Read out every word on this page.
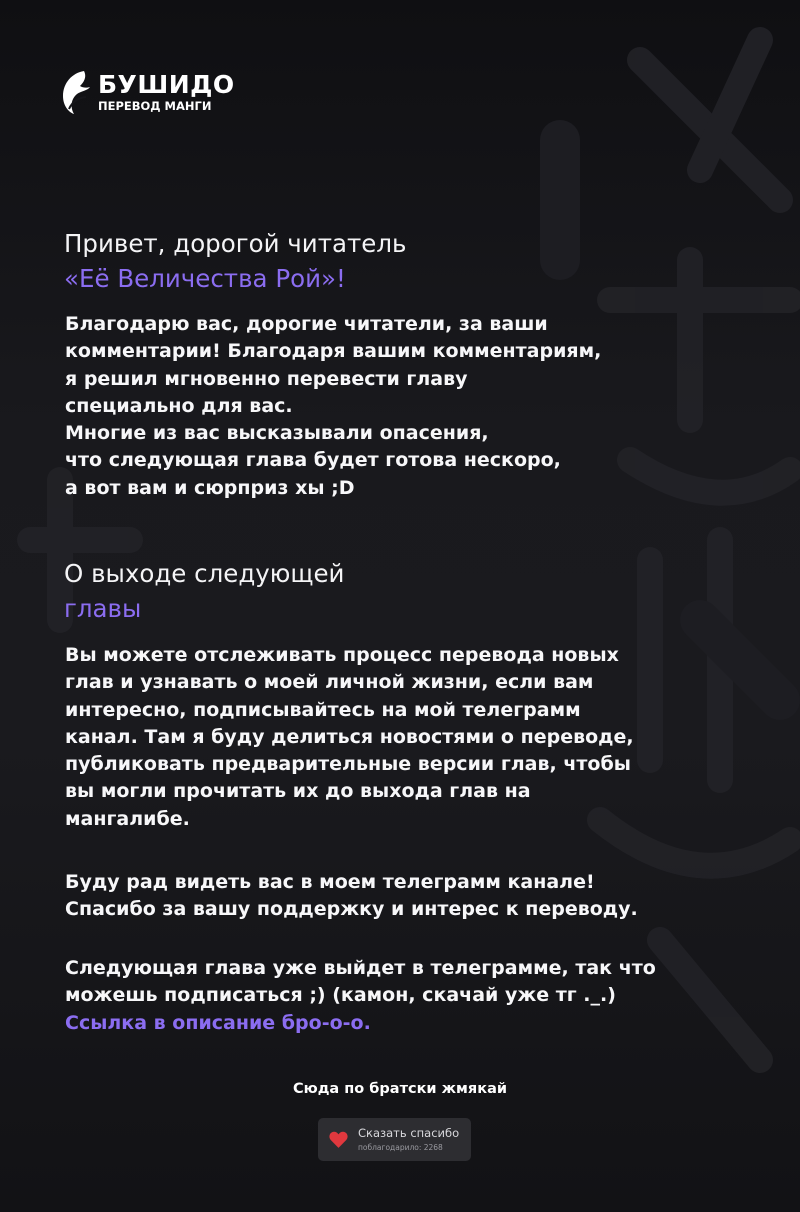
БУШИДО
ПЕРЕВОД МАНГИ
Привет, дорогой читатель
«Её Величества Рой»!
Благодарю вас, дорогие читатели, за ваши
комментарии! Благодаря вашим комментариям,
я решил мгновенно перевести главу
специально для вас.
Многие из вас высказывали опасения,
что следующая глава будет готова нескоро,
а вот вам и сюрприз хы ;D
О выходе следующей
главы
Вы можете отслеживать процесс перевода новых
глав и узнавать о моей личной жизни, если вам
интересно, подписывайтесь на мой телеграмм
канал. Там я буду делиться новостями о переводе,
публиковать предварительные версии глав, чтобы
вы могли прочитать их до выхода глав на
мангалибе.
Буду рад видеть вас в моем телеграмм канале!
Спасибо за вашу поддержку и интерес к переводу.
Следующая глава уже выйдет в телеграмме, так что
можешь подписаться ;) (камон, скачай уже тг ._.)
Ссылка в описание бро-о-о.
Сюда по братски жмякай
Сказать спасибо
поблагодарило: 2268
